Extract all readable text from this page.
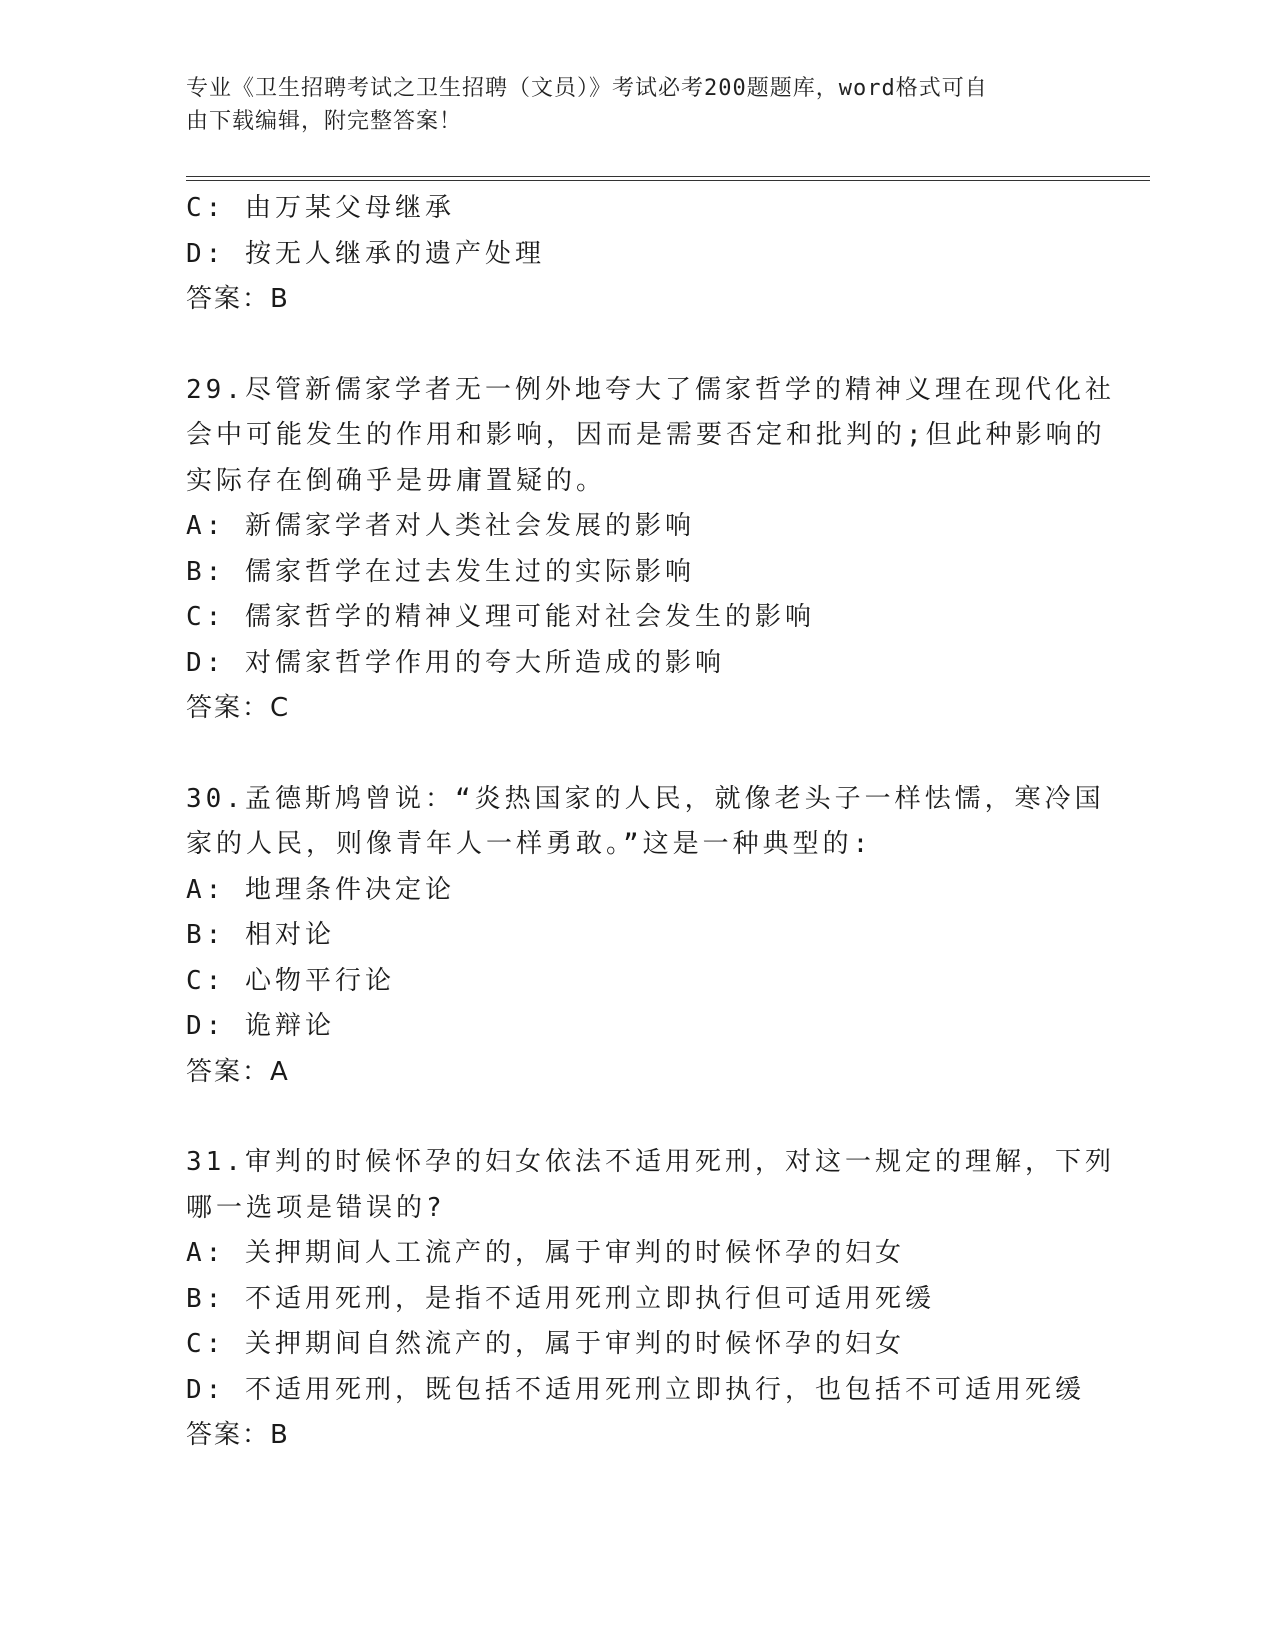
专业《卫生招聘考试之卫生招聘（文员）》考试必考200题题库，word格式可自
由下载编辑，附完整答案！
C: 由万某父母继承
D: 按无人继承的遗产处理
答案：B
29.尽管新儒家学者无一例外地夸大了儒家哲学的精神义理在现代化社
会中可能发生的作用和影响，因而是需要否定和批判的;但此种影响的
实际存在倒确乎是毋庸置疑的。
A: 新儒家学者对人类社会发展的影响
B: 儒家哲学在过去发生过的实际影响
C: 儒家哲学的精神义理可能对社会发生的影响
D: 对儒家哲学作用的夸大所造成的影响
答案：C
30.孟德斯鸠曾说：“炎热国家的人民，就像老头子一样怯懦，寒冷国
家的人民，则像青年人一样勇敢。”这是一种典型的:
A: 地理条件决定论
B: 相对论
C: 心物平行论
D: 诡辩论
答案：A
31.审判的时候怀孕的妇女依法不适用死刑，对这一规定的理解，下列
哪一选项是错误的?
A: 关押期间人工流产的，属于审判的时候怀孕的妇女
B: 不适用死刑，是指不适用死刑立即执行但可适用死缓
C: 关押期间自然流产的，属于审判的时候怀孕的妇女
D: 不适用死刑，既包括不适用死刑立即执行，也包括不可适用死缓
答案：B
